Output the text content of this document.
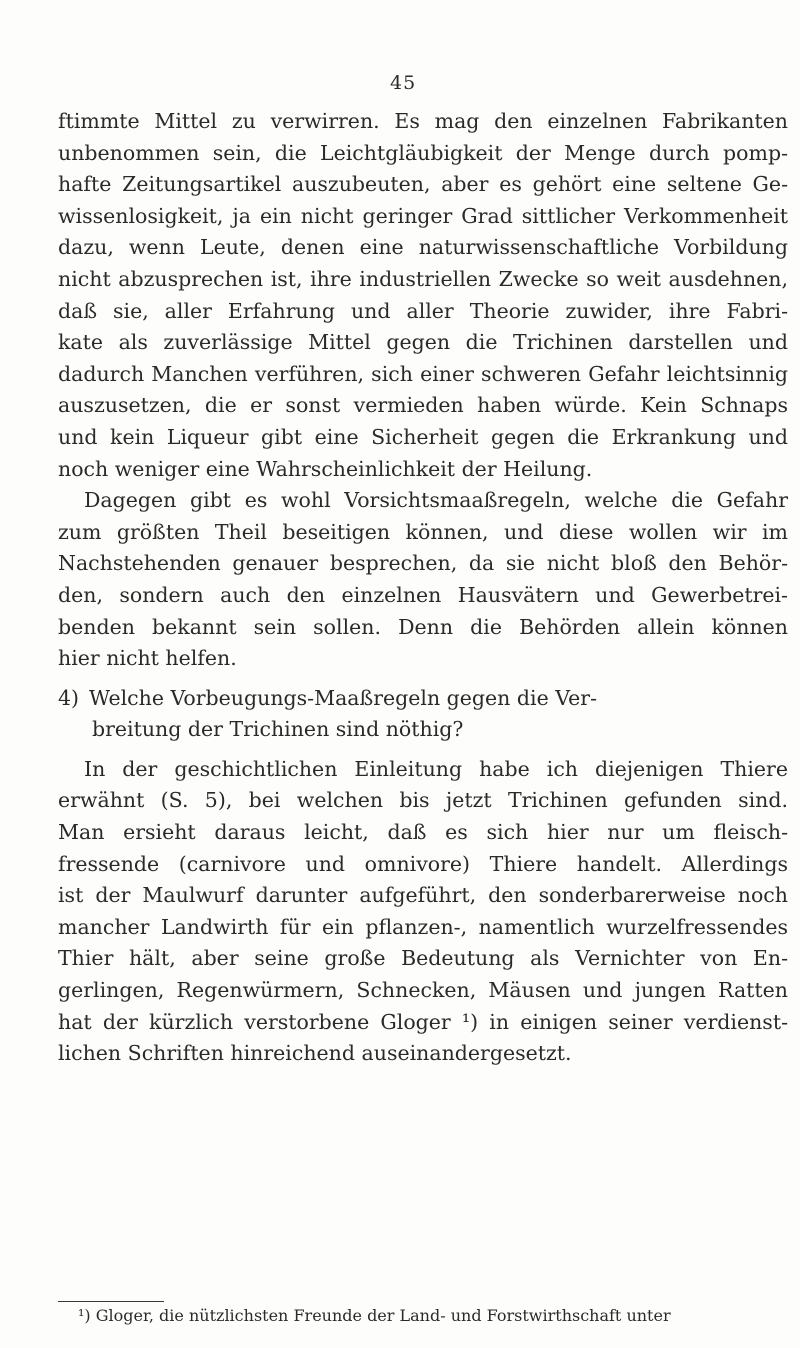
45
ftimmte Mittel zu verwirren. Es mag den einzelnen Fabrikanten
unbenommen sein, die Leichtgläubigkeit der Menge durch pomp-
hafte Zeitungsartikel auszubeuten, aber es gehört eine seltene Ge-
wissenlosigkeit, ja ein nicht geringer Grad sittlicher Verkommenheit
dazu, wenn Leute, denen eine naturwissenschaftliche Vorbildung
nicht abzusprechen ist, ihre industriellen Zwecke so weit ausdehnen,
daß sie, aller Erfahrung und aller Theorie zuwider, ihre Fabri-
kate als zuverlässige Mittel gegen die Trichinen darstellen und
dadurch Manchen verführen, sich einer schweren Gefahr leichtsinnig
auszusetzen, die er sonst vermieden haben würde. Kein Schnaps
und kein Liqueur gibt eine Sicherheit gegen die Erkrankung und
noch weniger eine Wahrscheinlichkeit der Heilung.
Dagegen gibt es wohl Vorsichtsmaaßregeln, welche die Gefahr
zum größten Theil beseitigen können, und diese wollen wir im
Nachstehenden genauer besprechen, da sie nicht bloß den Behör-
den, sondern auch den einzelnen Hausvätern und Gewerbetrei-
benden bekannt sein sollen. Denn die Behörden allein können
hier nicht helfen.
4) Welche Vorbeugungs-Maaßregeln gegen die Ver-
breitung der Trichinen sind nöthig?
In der geschichtlichen Einleitung habe ich diejenigen Thiere
erwähnt (S. 5), bei welchen bis jetzt Trichinen gefunden sind.
Man ersieht daraus leicht, daß es sich hier nur um fleisch-
fressende (carnivore und omnivore) Thiere handelt. Allerdings
ist der Maulwurf darunter aufgeführt, den sonderbarerweise noch
mancher Landwirth für ein pflanzen-, namentlich wurzelfressendes
Thier hält, aber seine große Bedeutung als Vernichter von En-
gerlingen, Regenwürmern, Schnecken, Mäusen und jungen Ratten
hat der kürzlich verstorbene Gloger ¹) in einigen seiner verdienst-
lichen Schriften hinreichend auseinandergesetzt.
¹) Gloger, die nützlichsten Freunde der Land- und Forstwirthschaft unter
